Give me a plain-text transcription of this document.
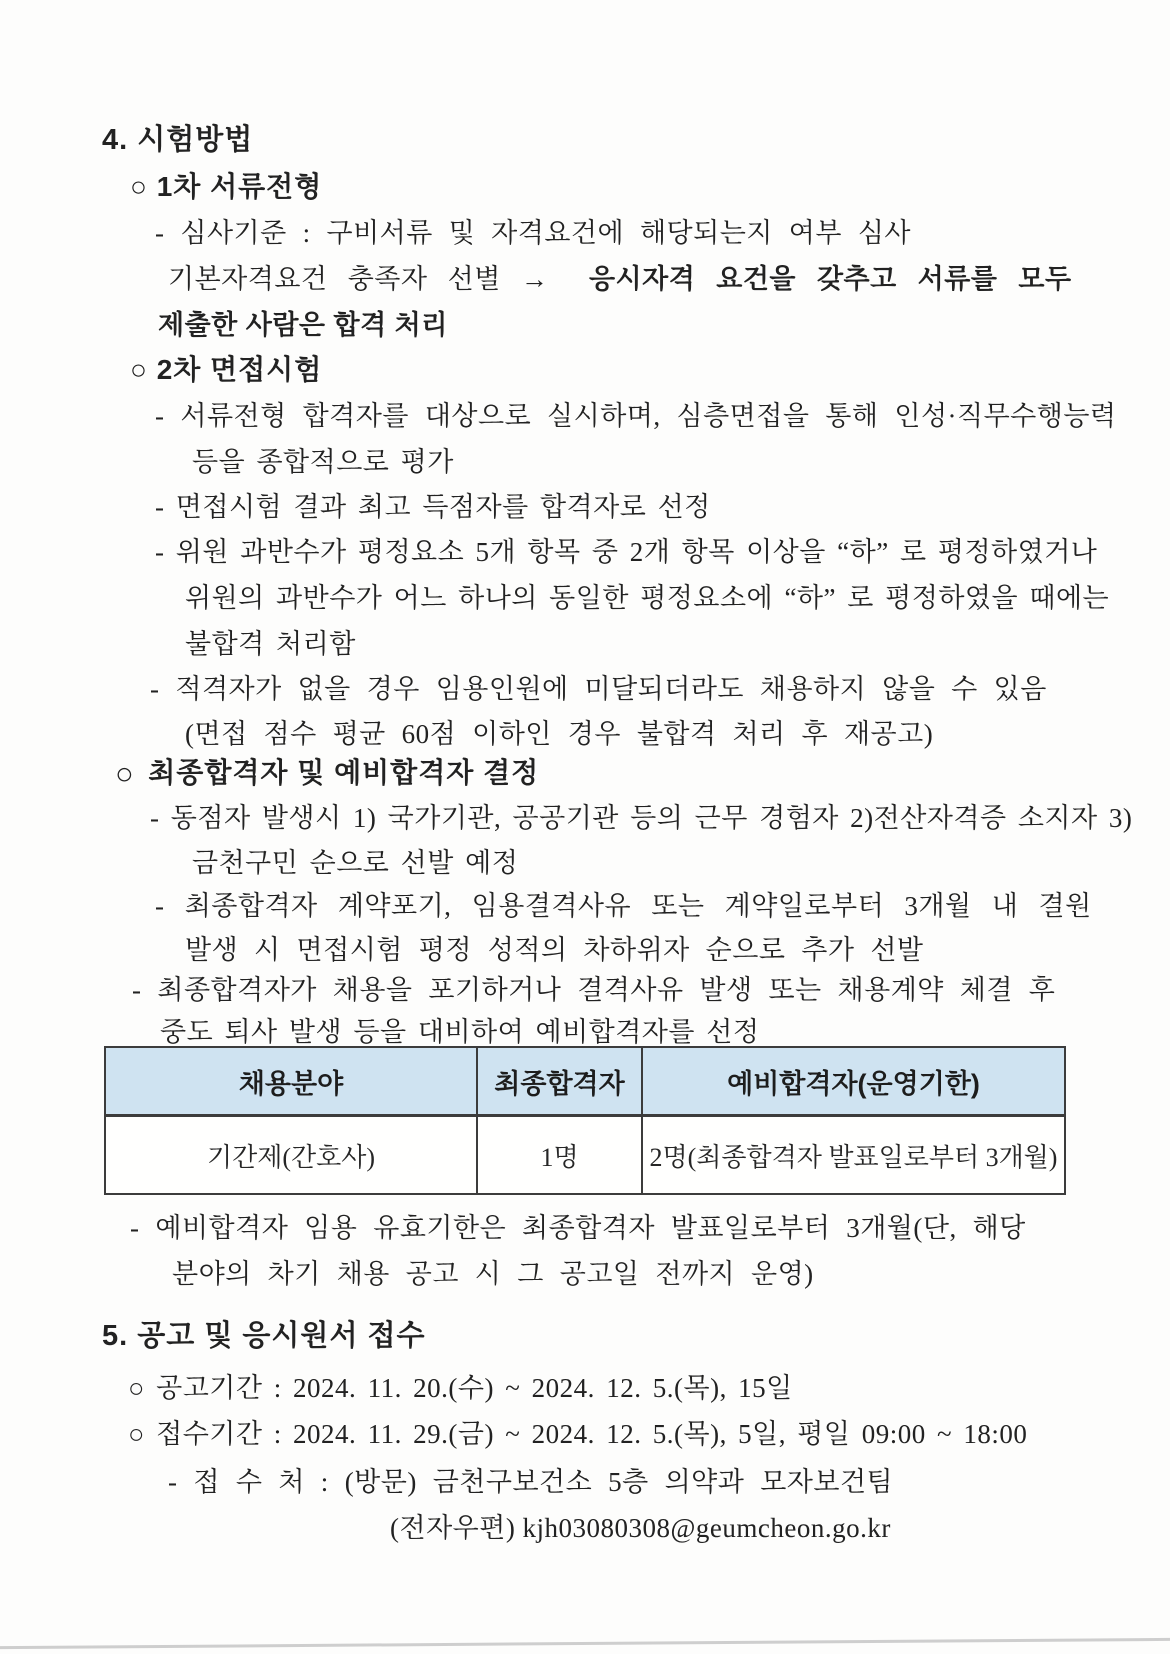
4. 시험방법
○ 1차 서류전형
- 심사기준 : 구비서류 및 자격요건에 해당되는지 여부 심사
기본자격요건 충족자 선별 → 응시자격 요건을 갖추고 서류를 모두
제출한 사람은 합격 처리
○ 2차 면접시험
- 서류전형 합격자를 대상으로 실시하며, 심층면접을 통해 인성·직무수행능력
등을 종합적으로 평가
- 면접시험 결과 최고 득점자를 합격자로 선정
- 위원 과반수가 평정요소 5개 항목 중 2개 항목 이상을 “하” 로 평정하였거나
위원의 과반수가 어느 하나의 동일한 평정요소에 “하” 로 평정하였을 때에는
불합격 처리함
- 적격자가 없을 경우 임용인원에 미달되더라도 채용하지 않을 수 있음
(면접 점수 평균 60점 이하인 경우 불합격 처리 후 재공고)
○ 최종합격자 및 예비합격자 결정
- 동점자 발생시 1) 국가기관, 공공기관 등의 근무 경험자 2)전산자격증 소지자 3)
금천구민 순으로 선발 예정
- 최종합격자 계약포기, 임용결격사유 또는 계약일로부터 3개월 내 결원
발생 시 면접시험 평정 성적의 차하위자 순으로 추가 선발
- 최종합격자가 채용을 포기하거나 결격사유 발생 또는 채용계약 체결 후
중도 퇴사 발생 등을 대비하여 예비합격자를 선정
채용분야	최종합격자	예비합격자(운영기한)
기간제(간호사)	1명	2명(최종합격자 발표일로부터 3개월)
- 예비합격자 임용 유효기한은 최종합격자 발표일로부터 3개월(단, 해당
분야의 차기 채용 공고 시 그 공고일 전까지 운영)
5. 공고 및 응시원서 접수
○ 공고기간 : 2024. 11. 20.(수) ~ 2024. 12. 5.(목), 15일
○ 접수기간 : 2024. 11. 29.(금) ~ 2024. 12. 5.(목), 5일, 평일 09:00 ~ 18:00
- 접 수 처 : (방문) 금천구보건소 5층 의약과 모자보건팀
(전자우편) kjh03080308@geumcheon.go.kr
